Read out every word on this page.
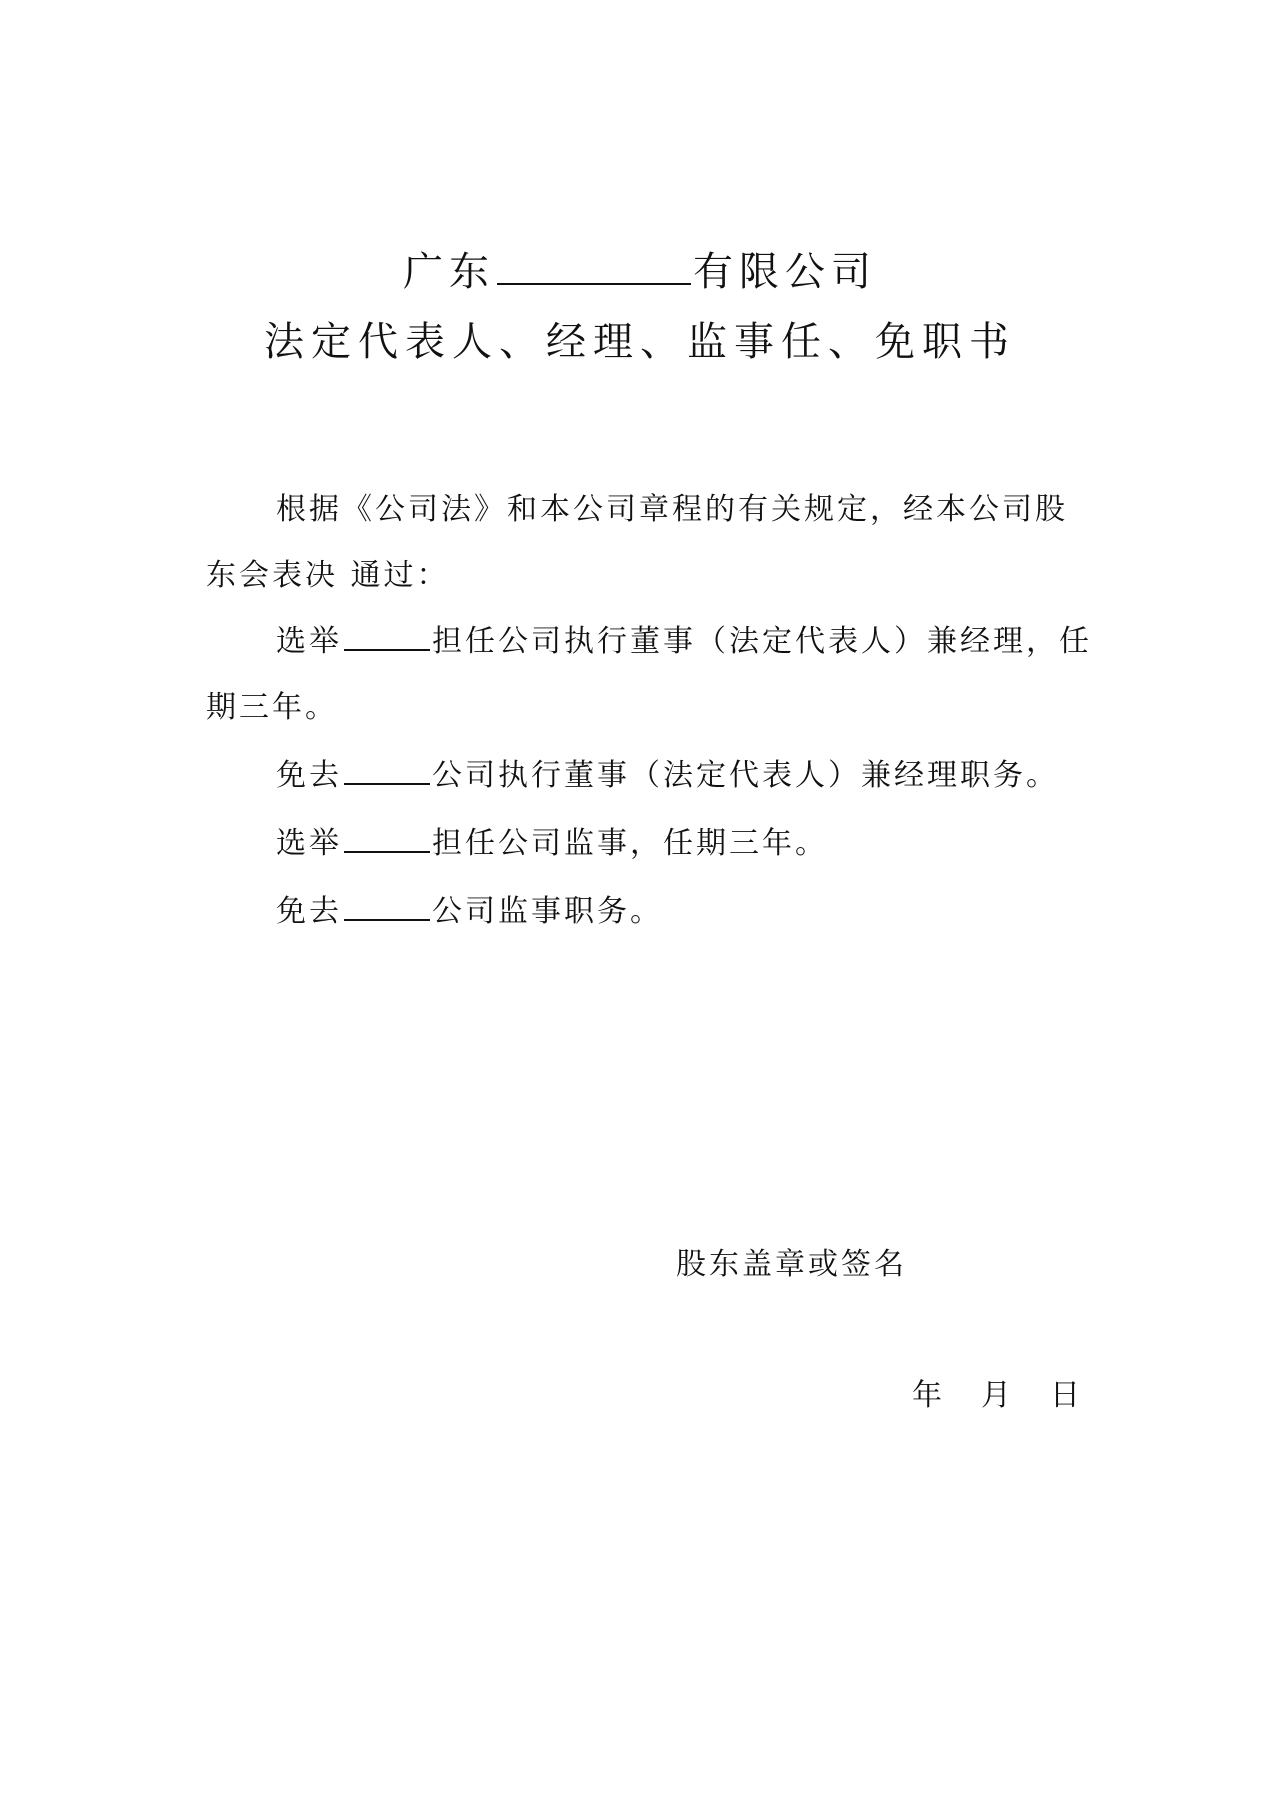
广东	有限公司
法定代表人、经理、监事任、免职书
根据《公司法》和本公司章程的有关规定，经本公司股
东会表决 通过：
选举	担任公司执行董事（法定代表人）兼经理，任
期三年。
免去	公司执行董事（法定代表人）兼经理职务。
选举	担任公司监事，任期三年。
免去	公司监事职务。
股东盖章或签名
年 月 日
